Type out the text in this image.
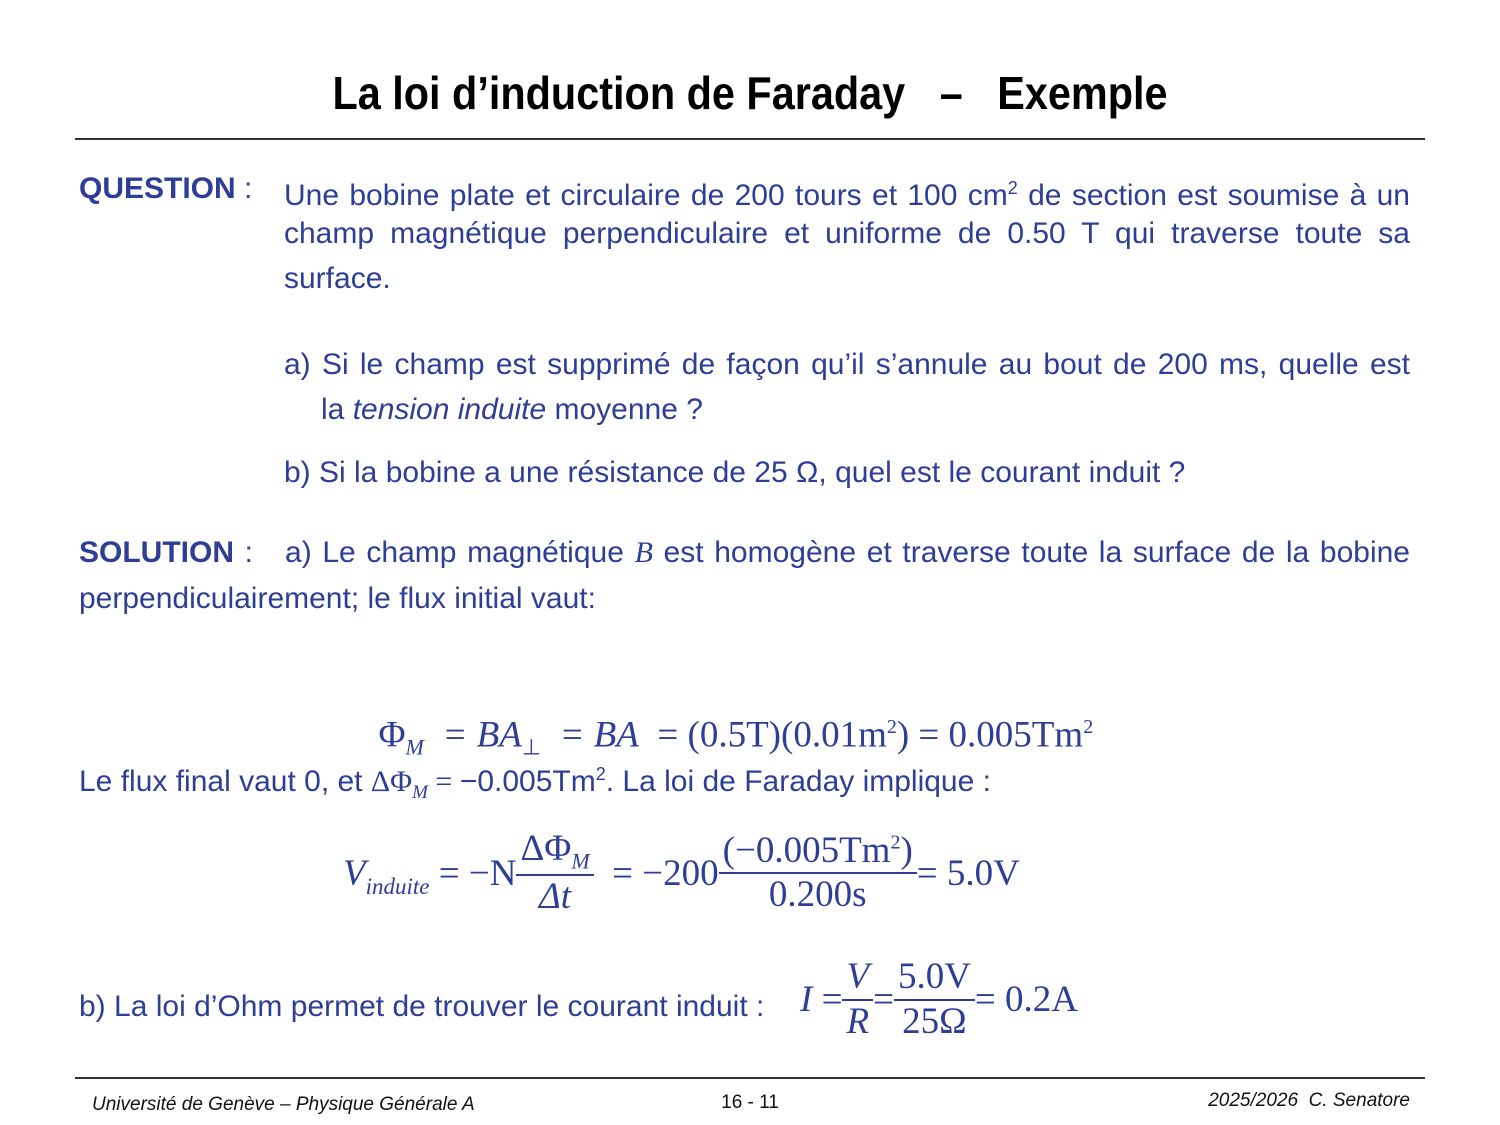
La loi d’induction de Faraday   –   Exemple
QUESTION : Une bobine plate et circulaire de 200 tours et 100 $cm^2$ de section est soumise à un
champ magnétique perpendiculaire et uniforme de 0.50 T qui traverse toute sa
surface.
a) Si le champ est supprimé de façon qu’il s’annule au bout de 200 ms, quelle est
la tension induite moyenne ?
b) Si la bobine a une résistance de 25 Ω, quel est le courant induit ?
SOLUTION : a) Le champ magnétique B est homogène et traverse toute la surface de la bobine
perpendiculairement; le flux initial vaut:

$\Phi_M = BA_\perp$ = BA = $(0.5T)(0.01m^2) = 0.005Tm^2$

Le flux final vaut 0, et $\Delta\Phi_M = -0.005Tm^2$. La loi de Faraday implique :
V induite
= $-N \frac{\Delta\Phi_M}{\Delta t}$
= $-200 \frac{(-0.005Tm^2)}{0.200s} = 5.0V$
b) La loi d’Ohm permet de trouver le courant induit : I
= $\frac{V}{R} = \frac{5.0V}{25\Omega} = 0.2A$
Université de Genève – Physique Générale A	16 - 11	2025/2026  C. Senatore
